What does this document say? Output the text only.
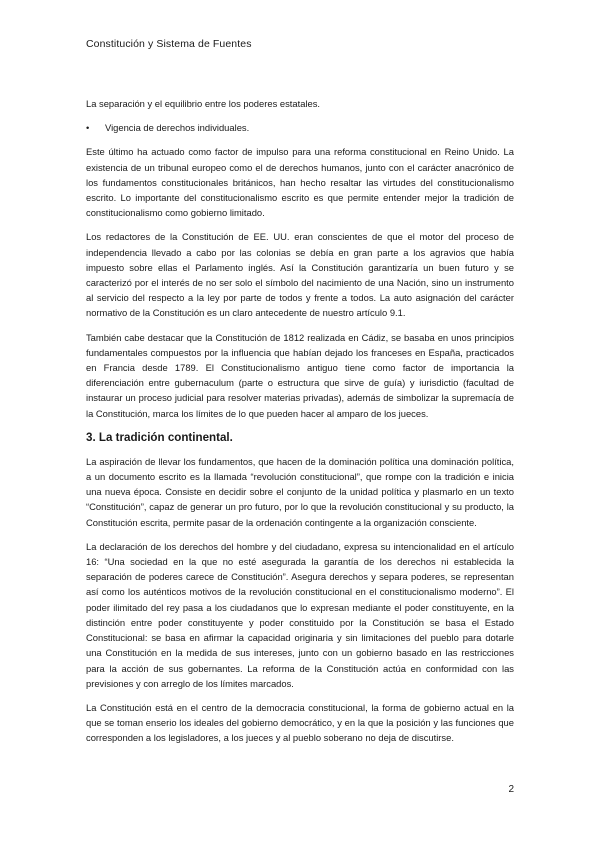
Constitución y Sistema de Fuentes

La separación y el equilibrio entre los poderes estatales.

•	Vigencia de derechos individuales.

Este último ha actuado como factor de impulso para una reforma constitucional en Reino Unido. La existencia de un tribunal europeo como el de derechos humanos, junto con el carácter anacrónico de los fundamentos constitucionales británicos, han hecho resaltar las virtudes del constitucionalismo escrito. Lo importante del constitucionalismo escrito es que permite entender mejor la tradición de constitucionalismo como gobierno limitado.

Los redactores de la Constitución de EE. UU. eran conscientes de que el motor del proceso de independencia llevado a cabo por las colonias se debía en gran parte a los agravios que había impuesto sobre ellas el Parlamento inglés. Así la Constitución garantizaría un buen futuro y se caracterizó por el interés de no ser solo el símbolo del nacimiento de una Nación, sino un instrumento al servicio del respecto a la ley por parte de todos y frente a todos. La auto asignación del carácter normativo de la Constitución es un claro antecedente de nuestro artículo 9.1.

También cabe destacar que la Constitución de 1812 realizada en Cádiz, se basaba en unos principios fundamentales compuestos por la influencia que habían dejado los franceses en España, practicados en Francia desde 1789. El Constitucionalismo antiguo tiene como factor de importancia la diferenciación entre gubernaculum (parte o estructura que sirve de guía) y iurisdictio (facultad de instaurar un proceso judicial para resolver materias privadas), además de simbolizar la supremacía de la Constitución, marca los límites de lo que pueden hacer al amparo de los jueces.

3. La tradición continental.

La aspiración de llevar los fundamentos, que hacen de la dominación política una dominación política, a un documento escrito es la llamada “revolución constitucional”, que rompe con la tradición e inicia una nueva época. Consiste en decidir sobre el conjunto de la unidad política y plasmarlo en un texto “Constitución”, capaz de generar un pro futuro, por lo que la revolución constitucional y su producto, la Constitución escrita, permite pasar de la ordenación contingente a la organización consciente.

La declaración de los derechos del hombre y del ciudadano, expresa su intencionalidad en el artículo 16: “Una sociedad en la que no esté asegurada la garantía de los derechos ni establecida la separación de poderes carece de Constitución”. Asegura derechos y separa poderes, se representan así como los auténticos motivos de la revolución constitucional en el constitucionalismo moderno”. El poder ilimitado del rey pasa a los ciudadanos que lo expresan mediante el poder constituyente, en la distinción entre poder constituyente y poder constituido por la Constitución se basa el Estado Constitucional: se basa en afirmar la capacidad originaria y sin limitaciones del pueblo para dotarle una Constitución en la medida de sus intereses, junto con un gobierno basado en las restricciones para la acción de sus gobernantes. La reforma de la Constitución actúa en conformidad con las previsiones y con arreglo de los límites marcados.

La Constitución está en el centro de la democracia constitucional, la forma de gobierno actual en la que se toman enserio los ideales del gobierno democrático, y en la que la posición y las funciones que corresponden a los legisladores, a los jueces y al pueblo soberano no deja de discutirse.

2
